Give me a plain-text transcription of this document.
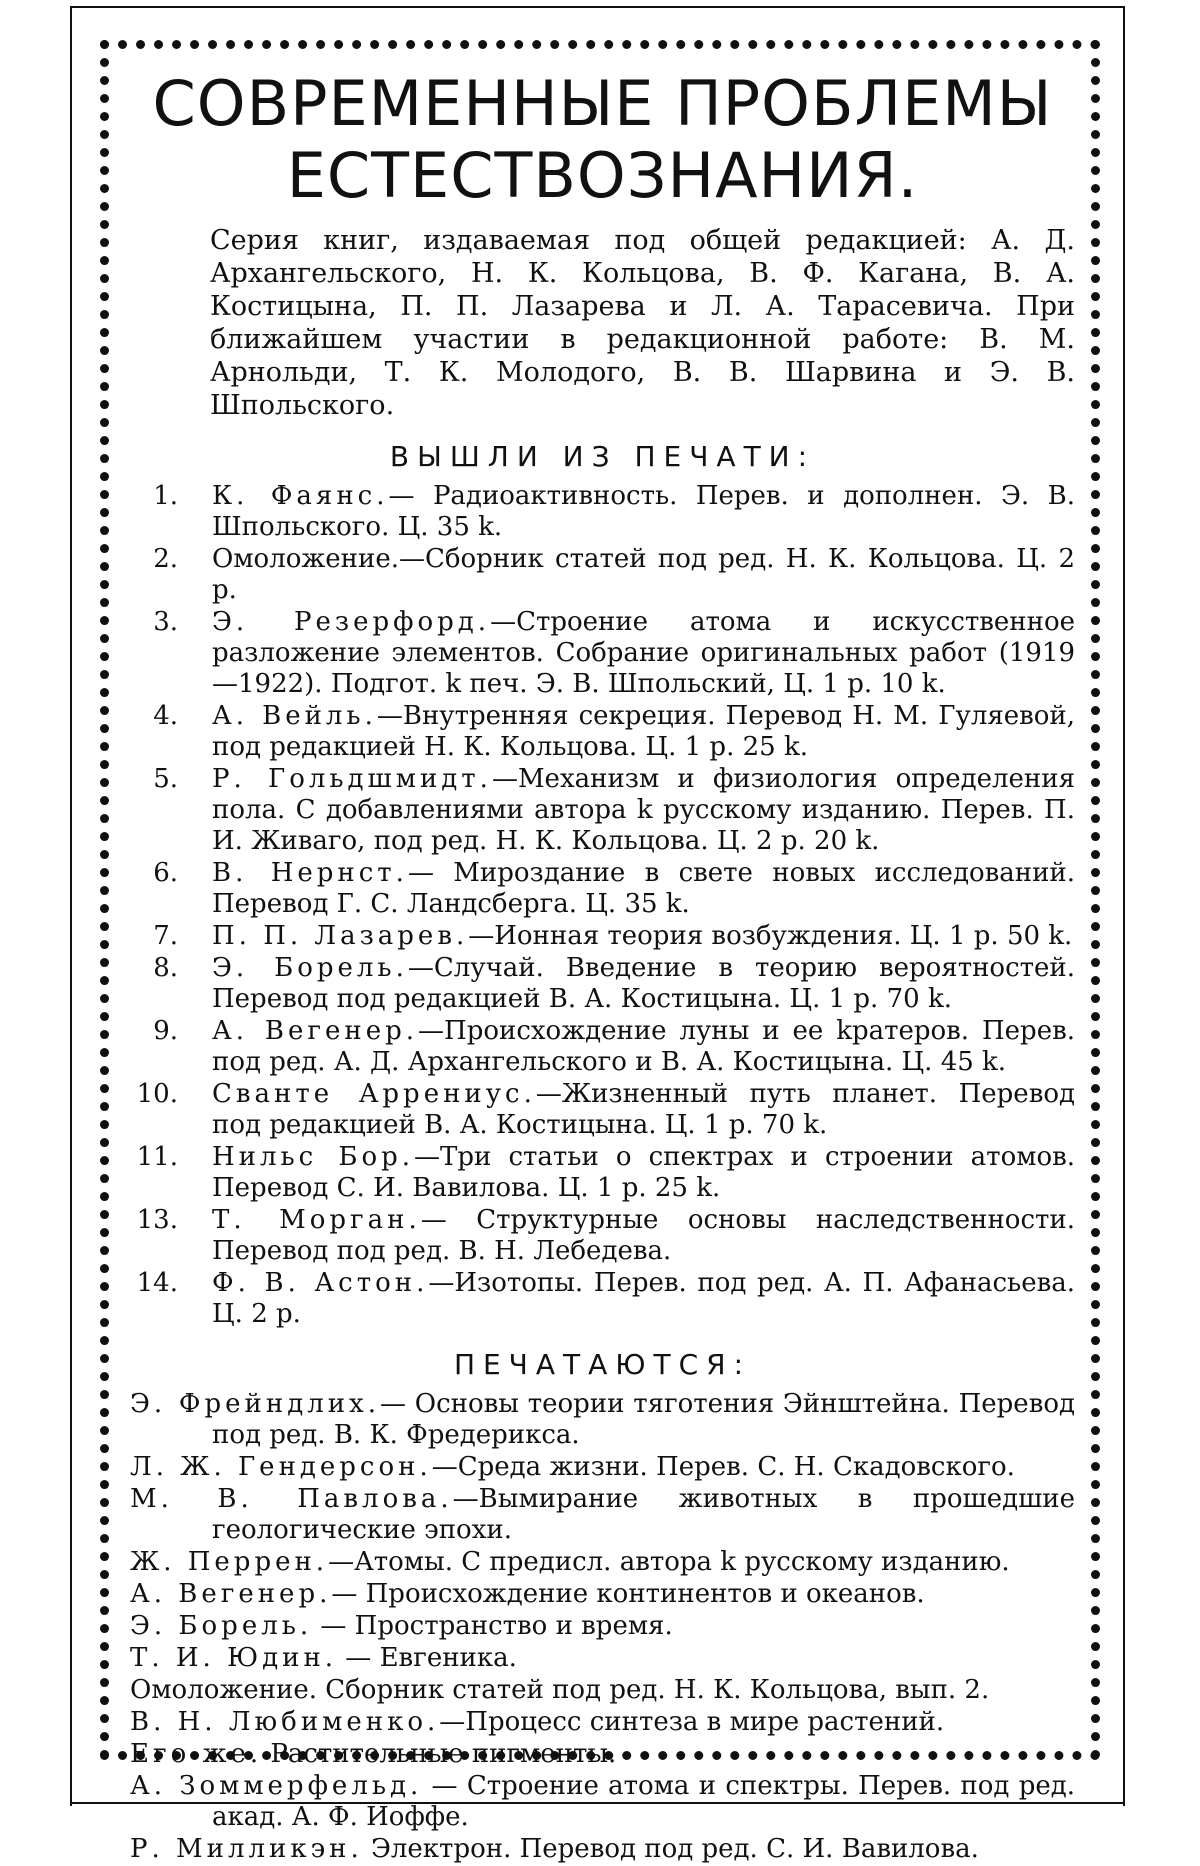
СОВРЕМЕННЫЕ ПРОБЛЕМЫ
ЕСТЕСТВОЗНАНИЯ.

Серия книг, издаваемая под общей редакцией: А. Д. Архангельского, Н. К. Кольцова, В. Ф. Кагана, В. А. Костицына, П. П. Лазарева и Л. А. Тарасевича. При ближайшем участии в редакционной работе: В. М. Арнольди, Т. К. Молодого, В. В. Шарвина и Э. В. Шпольского.

ВЫШЛИ ИЗ ПЕЧАТИ:
1. К. Фаянс.— Радиоактивность. Перев. и дополнен. Э. В. Шпольского. Ц. 35 k.
2. Омоложение.—Сборник статей под ред. Н. К. Кольцова. Ц. 2 р.
3. Э. Резерфорд.—Строение атома и искусственное разложение элементов. Собрание оригинальных работ (1919—1922). Подгот. k печ. Э. В. Шпольский, Ц. 1 р. 10 k.
4. А. Вейль.—Внутренняя секреция. Перевод Н. М. Гуляевой, под редакцией Н. К. Кольцова. Ц. 1 р. 25 k.
5. Р. Гольдшмидт.—Механизм и физиология определения пола. С добавлениями автора k русскому изданию. Перев. П. И. Живаго, под ред. Н. К. Кольцова. Ц. 2 р. 20 k.
6. В. Нернст.— Мироздание в свете новых исследований. Перевод Г. С. Ландсберга. Ц. 35 k.
7. П. П. Лазарев.—Ионная теория возбуждения. Ц. 1 р. 50 k.
8. Э. Борель.—Случай. Введение в теорию вероятностей. Перевод под редакцией В. А. Костицына. Ц. 1 р. 70 k.
9. А. Вегенер.—Происхождение луны и ее kратеров. Перев. под ред. А. Д. Архангельского и В. А. Костицына. Ц. 45 k.
10. Сванте Аррениус.—Жизненный путь планет. Перевод под редакцией В. А. Костицына. Ц. 1 р. 70 k.
11. Нильс Бор.—Три статьи о спектрах и строении атомов. Перевод С. И. Вавилова. Ц. 1 р. 25 k.
13. Т. Морган.— Структурные основы наследственности. Перевод под ред. В. Н. Лебедева.
14. Ф. В. Астон.—Изотопы. Перев. под ред. А. П. Афанасьева. Ц. 2 р.
ПЕЧАТАЮТСЯ:
Э. Фрейндлих.— Основы теории тяготения Эйнштейна. Перевод под ред. В. К. Фредерикса.
Л. Ж. Гендерсон.—Среда жизни. Перев. С. Н. Скадовского.
М. В. Павлова.—Вымирание животных в прошедшие геологические эпохи.
Ж. Перрен.—Атомы. С предисл. автора k русскому изданию.
А. Вегенер.— Происхождение континентов и океанов.
Э. Борель. — Пространство и время.
Т. И. Юдин. — Евгеника.
Омоложение. Сборник статей под ред. Н. К. Кольцова, вып. 2.
В. Н. Любименко.—Процесс синтеза в мире растений.
Его же. Растительные пигменты.
А. Зоммерфельд. — Строение атома и спектры. Перев. под ред. акад. А. Ф. Иоффе.
Р. Милликэн. Электрон. Перевод под ред. С. И. Вавилова.
